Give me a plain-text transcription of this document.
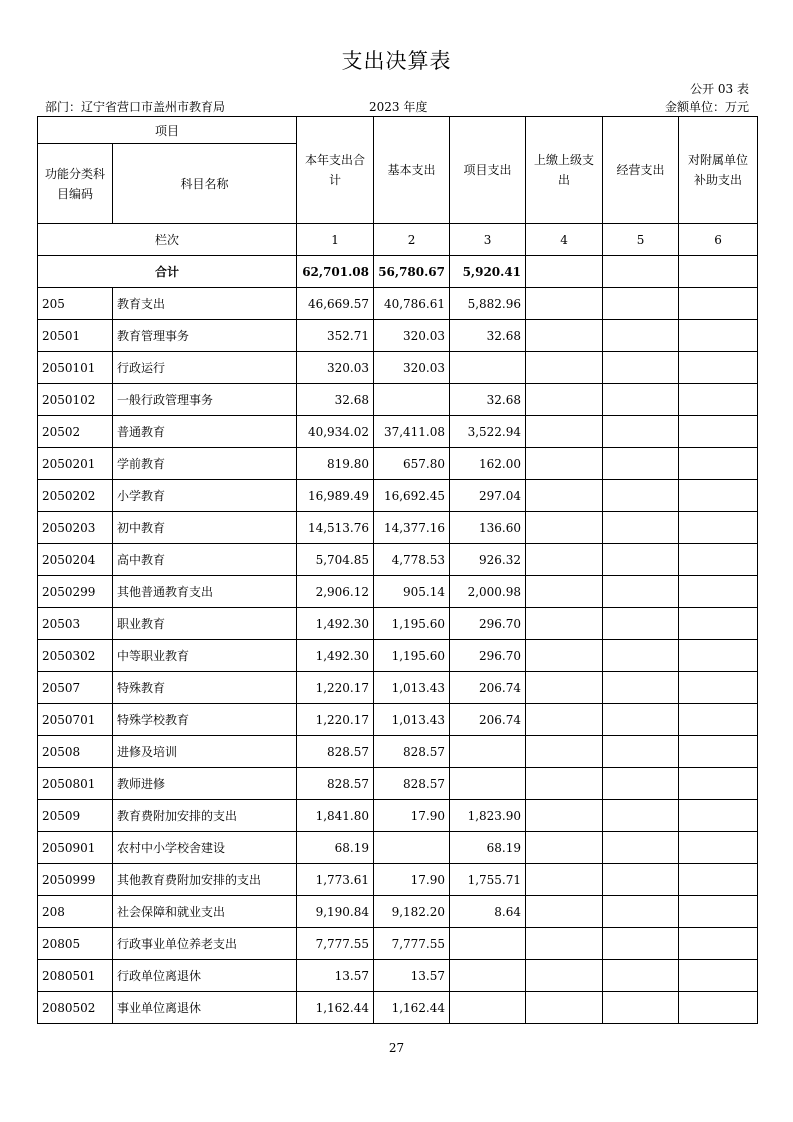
支出决算表
公开 03 表
部门：辽宁省营口市盖州市教育局	2023 年度	金额单位：万元
项目		本年支出合计	基本支出	项目支出	上缴上级支出	经营支出	对附属单位补助支出
功能分类科目编码	科目名称						
栏次		1	2	3	4	5	6
合计		62,701.08	56,780.67	5,920.41			
205	教育支出	46,669.57	40,786.61	5,882.96			
20501	教育管理事务	352.71	320.03	32.68			
2050101	行政运行	320.03	320.03				
2050102	一般行政管理事务	32.68		32.68			
20502	普通教育	40,934.02	37,411.08	3,522.94			
2050201	学前教育	819.80	657.80	162.00			
2050202	小学教育	16,989.49	16,692.45	297.04			
2050203	初中教育	14,513.76	14,377.16	136.60			
2050204	高中教育	5,704.85	4,778.53	926.32			
2050299	其他普通教育支出	2,906.12	905.14	2,000.98			
20503	职业教育	1,492.30	1,195.60	296.70			
2050302	中等职业教育	1,492.30	1,195.60	296.70			
20507	特殊教育	1,220.17	1,013.43	206.74			
2050701	特殊学校教育	1,220.17	1,013.43	206.74			
20508	进修及培训	828.57	828.57				
2050801	教师进修	828.57	828.57				
20509	教育费附加安排的支出	1,841.80	17.90	1,823.90			
2050901	农村中小学校舍建设	68.19		68.19			
2050999	其他教育费附加安排的支出	1,773.61	17.90	1,755.71			
208	社会保障和就业支出	9,190.84	9,182.20	8.64			
20805	行政事业单位养老支出	7,777.55	7,777.55				
2080501	行政单位离退休	13.57	13.57				
2080502	事业单位离退休	1,162.44	1,162.44				
27
